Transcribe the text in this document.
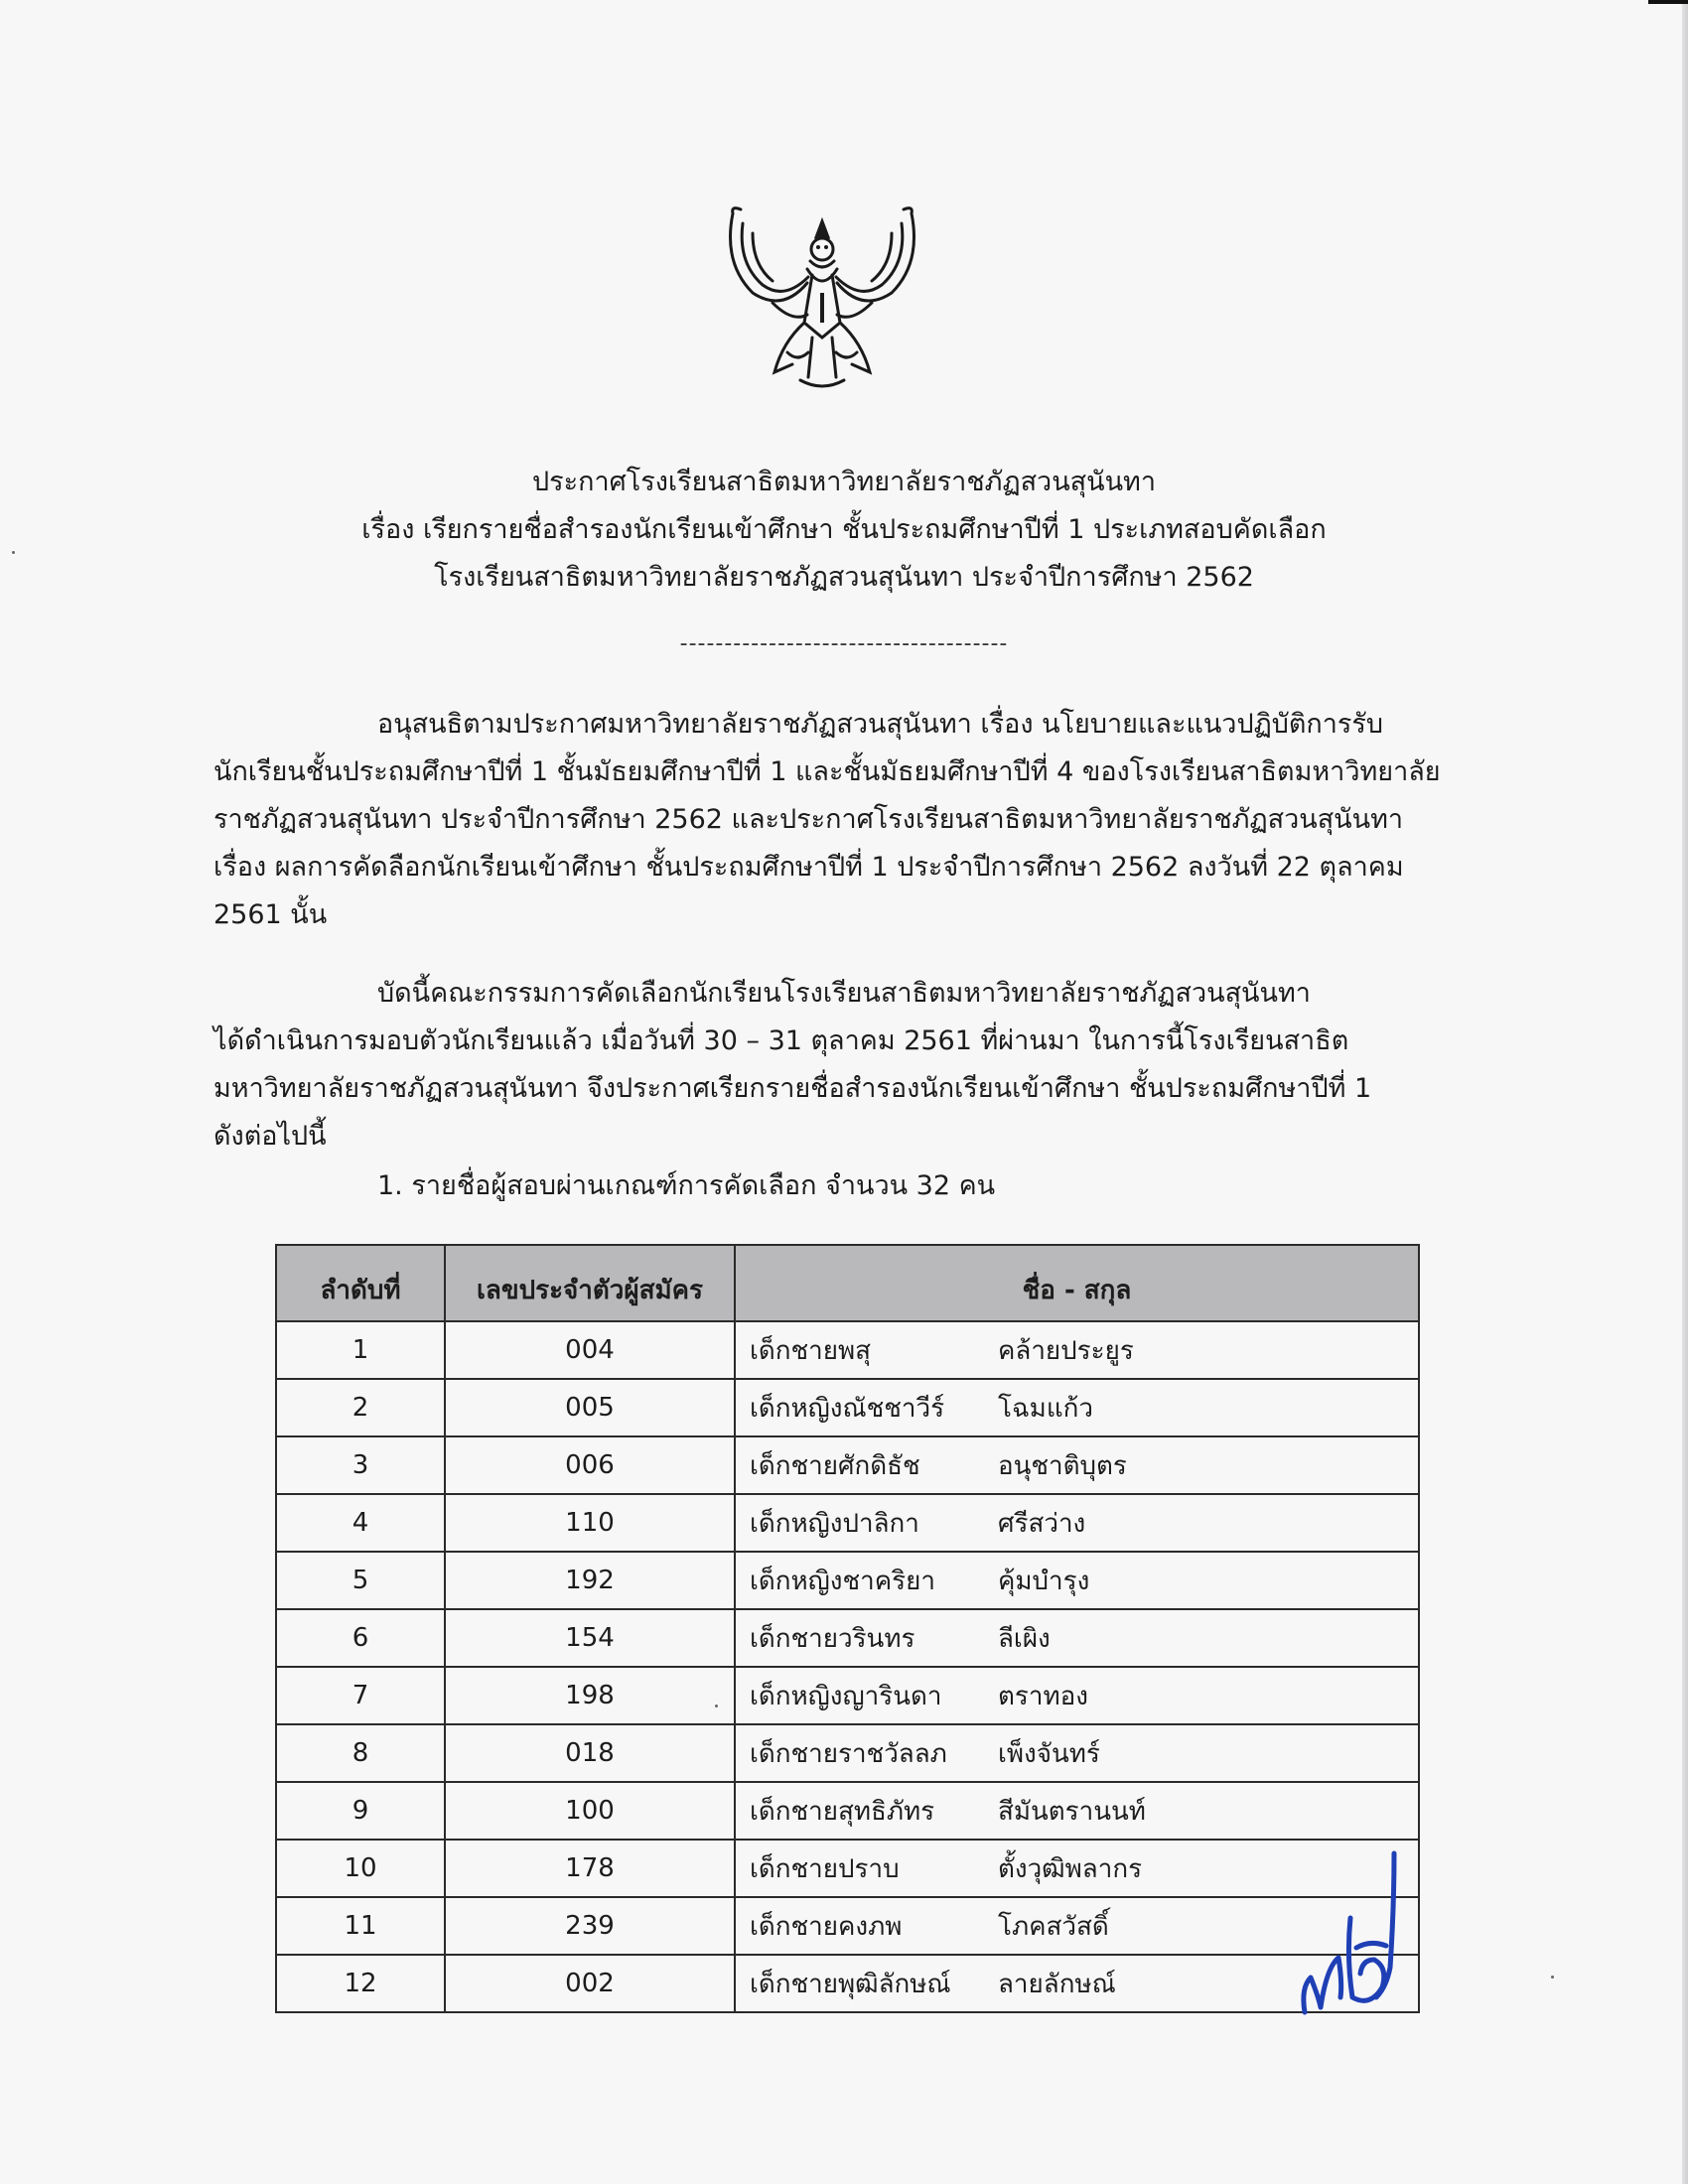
ประกาศโรงเรียนสาธิตมหาวิทยาลัยราชภัฏสวนสุนันทา
เรื่อง เรียกรายชื่อสำรองนักเรียนเข้าศึกษา ชั้นประถมศึกษาปีที่ 1 ประเภทสอบคัดเลือก
โรงเรียนสาธิตมหาวิทยาลัยราชภัฏสวนสุนันทา ประจำปีการศึกษา 2562
-------------------------------------
อนุสนธิตามประกาศมหาวิทยาลัยราชภัฏสวนสุนันทา เรื่อง นโยบายและแนวปฏิบัติการรับ
นักเรียนชั้นประถมศึกษาปีที่ 1 ชั้นมัธยมศึกษาปีที่ 1 และชั้นมัธยมศึกษาปีที่ 4 ของโรงเรียนสาธิตมหาวิทยาลัย
ราชภัฏสวนสุนันทา ประจำปีการศึกษา 2562 และประกาศโรงเรียนสาธิตมหาวิทยาลัยราชภัฏสวนสุนันทา
เรื่อง ผลการคัดลือกนักเรียนเข้าศึกษา ชั้นประถมศึกษาปีที่ 1 ประจำปีการศึกษา 2562 ลงวันที่ 22 ตุลาคม
2561 นั้น
บัดนี้คณะกรรมการคัดเลือกนักเรียนโรงเรียนสาธิตมหาวิทยาลัยราชภัฏสวนสุนันทา
ได้ดำเนินการมอบตัวนักเรียนแล้ว เมื่อวันที่ 30 – 31 ตุลาคม 2561 ที่ผ่านมา ในการนี้โรงเรียนสาธิต
มหาวิทยาลัยราชภัฏสวนสุนันทา จึงประกาศเรียกรายชื่อสำรองนักเรียนเข้าศึกษา ชั้นประถมศึกษาปีที่ 1
ดังต่อไปนี้
1. รายชื่อผู้สอบผ่านเกณฑ์การคัดเลือก จำนวน 32 คน
ลำดับที่	เลขประจำตัวผู้สมัคร	ชื่อ - สกุล
1	004	เด็กชายพสุ คล้ายประยูร
2	005	เด็กหญิงณัชชาวีร์ โฉมแก้ว
3	006	เด็กชายศักดิธัช อนุชาติบุตร
4	110	เด็กหญิงปาลิกา ศรีสว่าง
5	192	เด็กหญิงชาคริยา คุ้มบำรุง
6	154	เด็กชายวรินทร ลีเผิง
7	198	เด็กหญิงญารินดา ตราทอง
8	018	เด็กชายราชวัลลภ เพ็งจันทร์
9	100	เด็กชายสุทธิภัทร สีมันตรานนท์
10	178	เด็กชายปราบ ตั้งวุฒิพลากร
11	239	เด็กชายคงภพ โภคสวัสดิ์
12	002	เด็กชายพุฒิลักษณ์ ลายลักษณ์
